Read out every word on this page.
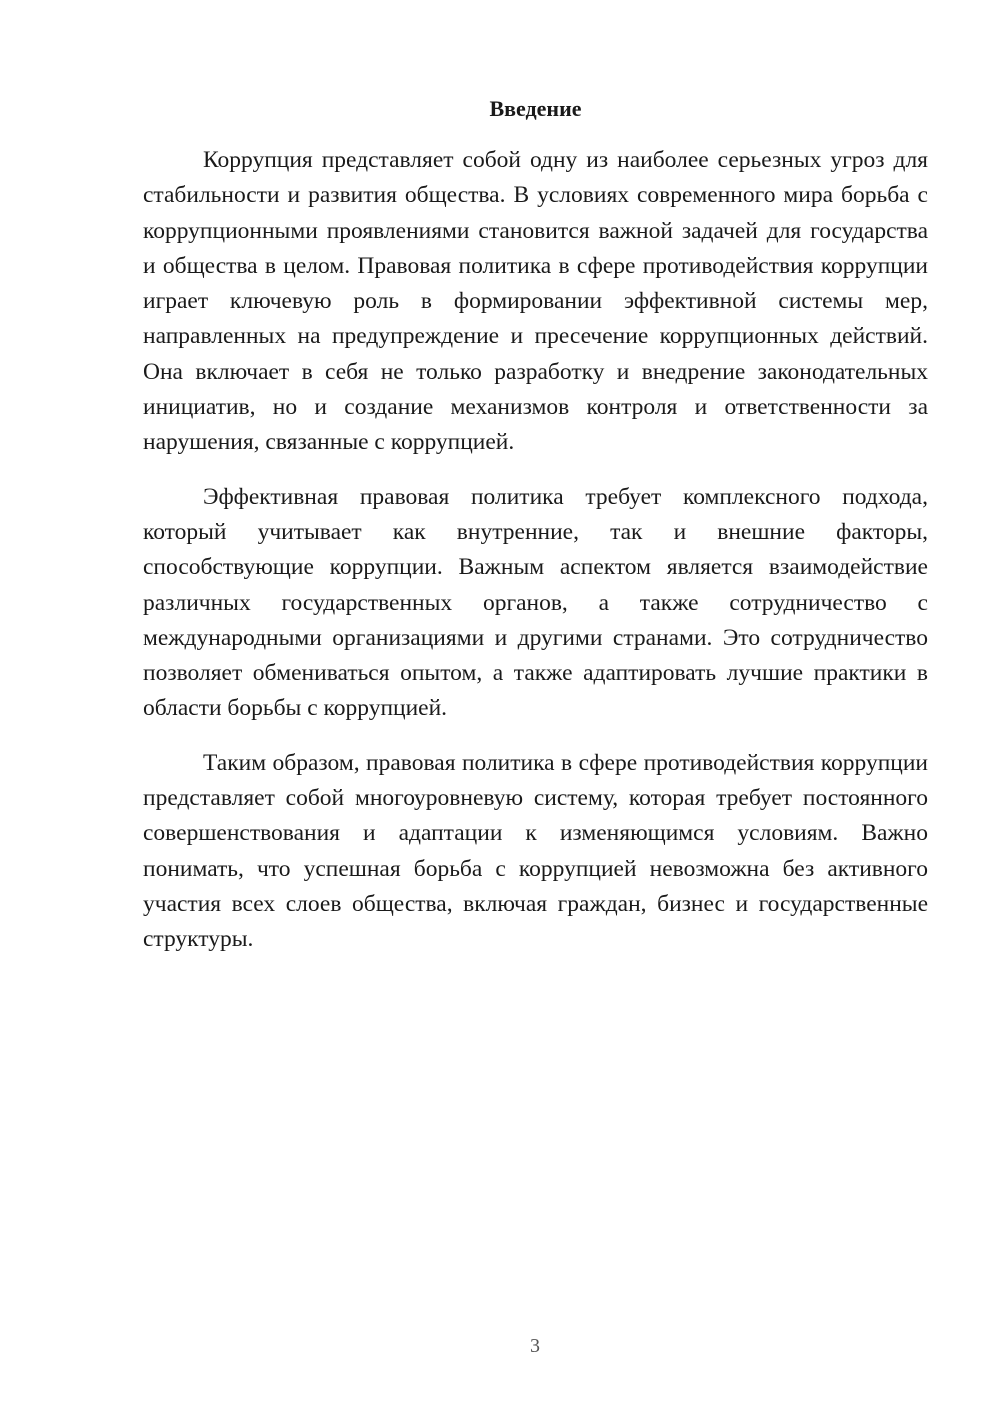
Введение

Коррупция представляет собой одну из наиболее серьезных угроз для стабильности и развития общества. В условиях современного мира борьба с коррупционными проявлениями становится важной задачей для государства и общества в целом. Правовая политика в сфере противодействия коррупции играет ключевую роль в формировании эффективной системы мер, направленных на предупреждение и пресечение коррупционных действий. Она включает в себя не только разработку и внедрение законодательных инициатив, но и создание механизмов контроля и ответственности за нарушения, связанные с коррупцией.

Эффективная правовая политика требует комплексного подхода, который учитывает как внутренние, так и внешние факторы, способствующие коррупции. Важным аспектом является взаимодействие различных государственных органов, а также сотрудничество с международными организациями и другими странами. Это сотрудничество позволяет обмениваться опытом, а также адаптировать лучшие практики в области борьбы с коррупцией.

Таким образом, правовая политика в сфере противодействия коррупции представляет собой многоуровневую систему, которая требует постоянного совершенствования и адаптации к изменяющимся условиям. Важно понимать, что успешная борьба с коррупцией невозможна без активного участия всех слоев общества, включая граждан, бизнес и государственные структуры.

3
